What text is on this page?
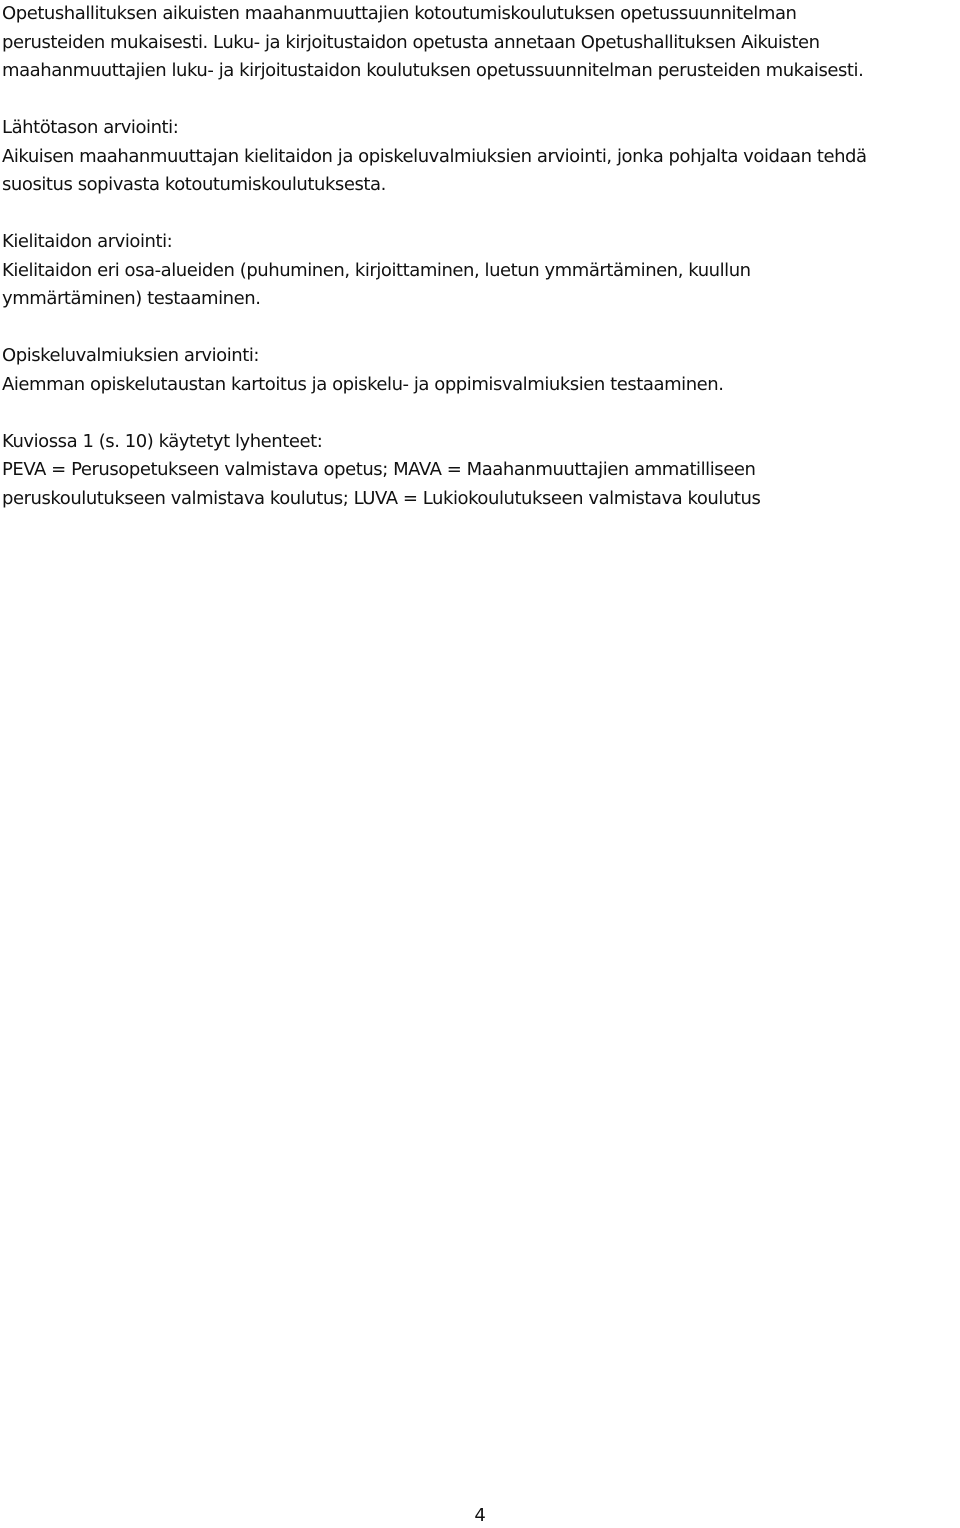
Opetushallituksen aikuisten maahanmuuttajien kotoutumiskoulutuksen opetussuunnitelman
perusteiden mukaisesti. Luku- ja kirjoitustaidon opetusta annetaan Opetushallituksen Aikuisten
maahanmuuttajien luku- ja kirjoitustaidon koulutuksen opetussuunnitelman perusteiden mukaisesti.
Lähtötason arviointi:
Aikuisen maahanmuuttajan kielitaidon ja opiskeluvalmiuksien arviointi, jonka pohjalta voidaan tehdä
suositus sopivasta kotoutumiskoulutuksesta.
Kielitaidon arviointi:
Kielitaidon eri osa-alueiden (puhuminen, kirjoittaminen, luetun ymmärtäminen, kuullun
ymmärtäminen) testaaminen.
Opiskeluvalmiuksien arviointi:
Aiemman opiskelutaustan kartoitus ja opiskelu- ja oppimisvalmiuksien testaaminen.
Kuviossa 1 (s. 10) käytetyt lyhenteet:
PEVA = Perusopetukseen valmistava opetus; MAVA = Maahanmuuttajien ammatilliseen
peruskoulutukseen valmistava koulutus; LUVA = Lukiokoulutukseen valmistava koulutus
4
